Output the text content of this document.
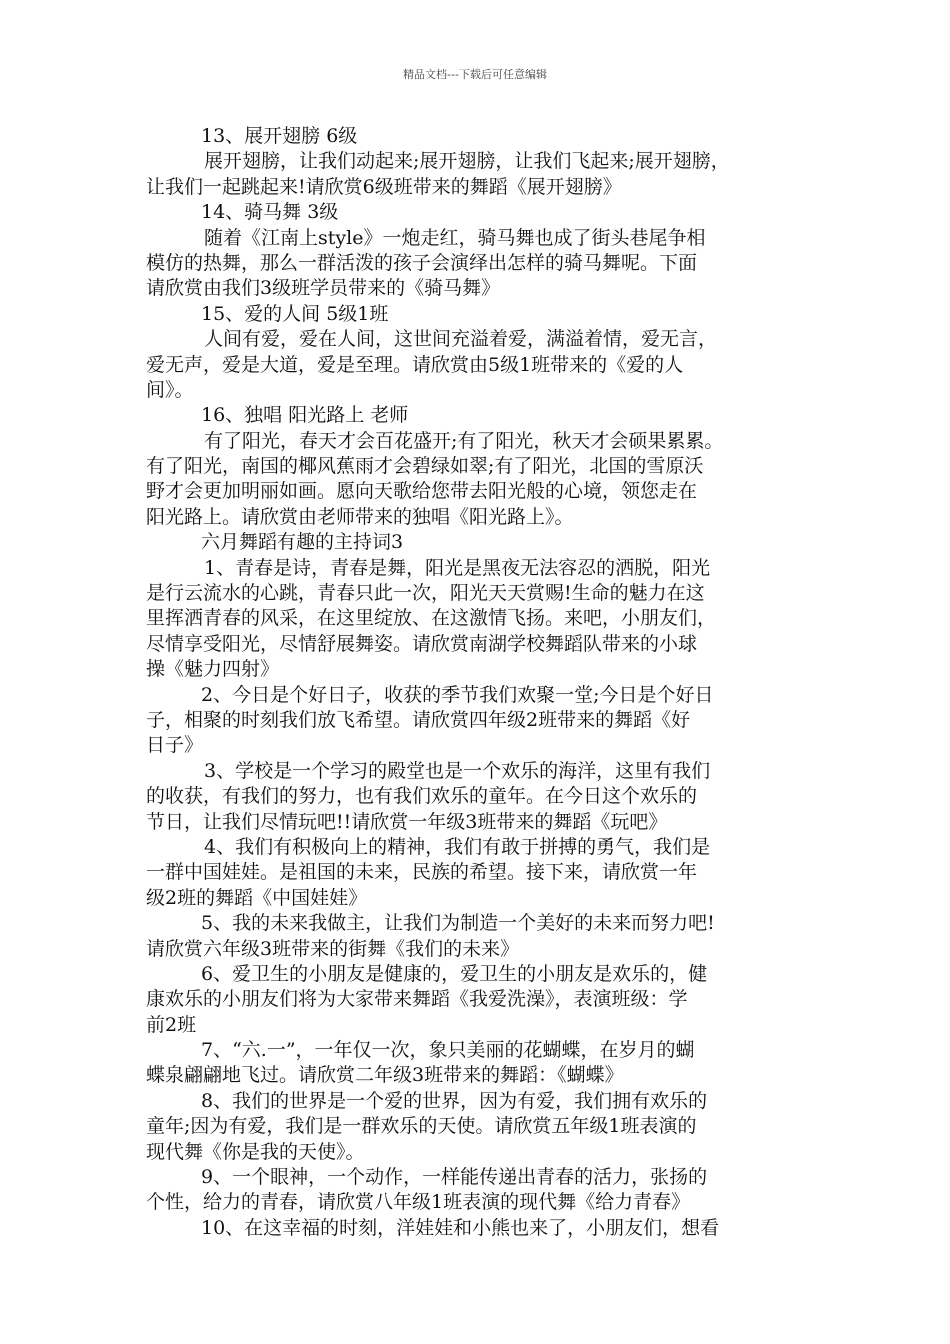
精品文档---下载后可任意编辑
13、展开翅膀 6级
展开翅膀，让我们动起来;展开翅膀，让我们飞起来;展开翅膀，
让我们一起跳起来!请欣赏6级班带来的舞蹈《展开翅膀》
14、骑马舞 3级
随着《江南上style》一炮走红，骑马舞也成了街头巷尾争相
模仿的热舞，那么一群活泼的孩子会演绎出怎样的骑马舞呢。下面
请欣赏由我们3级班学员带来的《骑马舞》
15、爱的人间 5级1班
人间有爱，爱在人间，这世间充溢着爱，满溢着情，爱无言，
爱无声，爱是大道，爱是至理。请欣赏由5级1班带来的《爱的人
间》。
16、独唱 阳光路上 老师
有了阳光，春天才会百花盛开;有了阳光，秋天才会硕果累累。
有了阳光，南国的椰风蕉雨才会碧绿如翠;有了阳光，北国的雪原沃
野才会更加明丽如画。愿向天歌给您带去阳光般的心境，领您走在
阳光路上。请欣赏由老师带来的独唱《阳光路上》。
六月舞蹈有趣的主持词3
1、青春是诗，青春是舞，阳光是黑夜无法容忍的洒脱，阳光
是行云流水的心跳，青春只此一次，阳光天天赏赐!生命的魅力在这
里挥洒青春的风采，在这里绽放、在这激情飞扬。来吧，小朋友们，
尽情享受阳光，尽情舒展舞姿。请欣赏南湖学校舞蹈队带来的小球
操《魅力四射》
2、今日是个好日子，收获的季节我们欢聚一堂;今日是个好日
子，相聚的时刻我们放飞希望。请欣赏四年级2班带来的舞蹈《好
日子》
3、学校是一个学习的殿堂也是一个欢乐的海洋，这里有我们
的收获，有我们的努力，也有我们欢乐的童年。在今日这个欢乐的
节日，让我们尽情玩吧!!请欣赏一年级3班带来的舞蹈《玩吧》
4、我们有积极向上的精神，我们有敢于拼搏的勇气，我们是
一群中国娃娃。是祖国的未来，民族的希望。接下来，请欣赏一年
级2班的舞蹈《中国娃娃》
5、我的未来我做主，让我们为制造一个美好的未来而努力吧!
请欣赏六年级3班带来的街舞《我们的未来》
6、爱卫生的小朋友是健康的，爱卫生的小朋友是欢乐的，健
康欢乐的小朋友们将为大家带来舞蹈《我爱洗澡》，表演班级：学
前2班
7、“六.一”，一年仅一次，象只美丽的花蝴蝶，在岁月的蝴
蝶泉翩翩地飞过。请欣赏二年级3班带来的舞蹈：《蝴蝶》
8、我们的世界是一个爱的世界，因为有爱，我们拥有欢乐的
童年;因为有爱，我们是一群欢乐的天使。请欣赏五年级1班表演的
现代舞《你是我的天使》。
9、一个眼神，一个动作，一样能传递出青春的活力，张扬的
个性，给力的青春，请欣赏八年级1班表演的现代舞《给力青春》
10、在这幸福的时刻，洋娃娃和小熊也来了，小朋友们，想看
